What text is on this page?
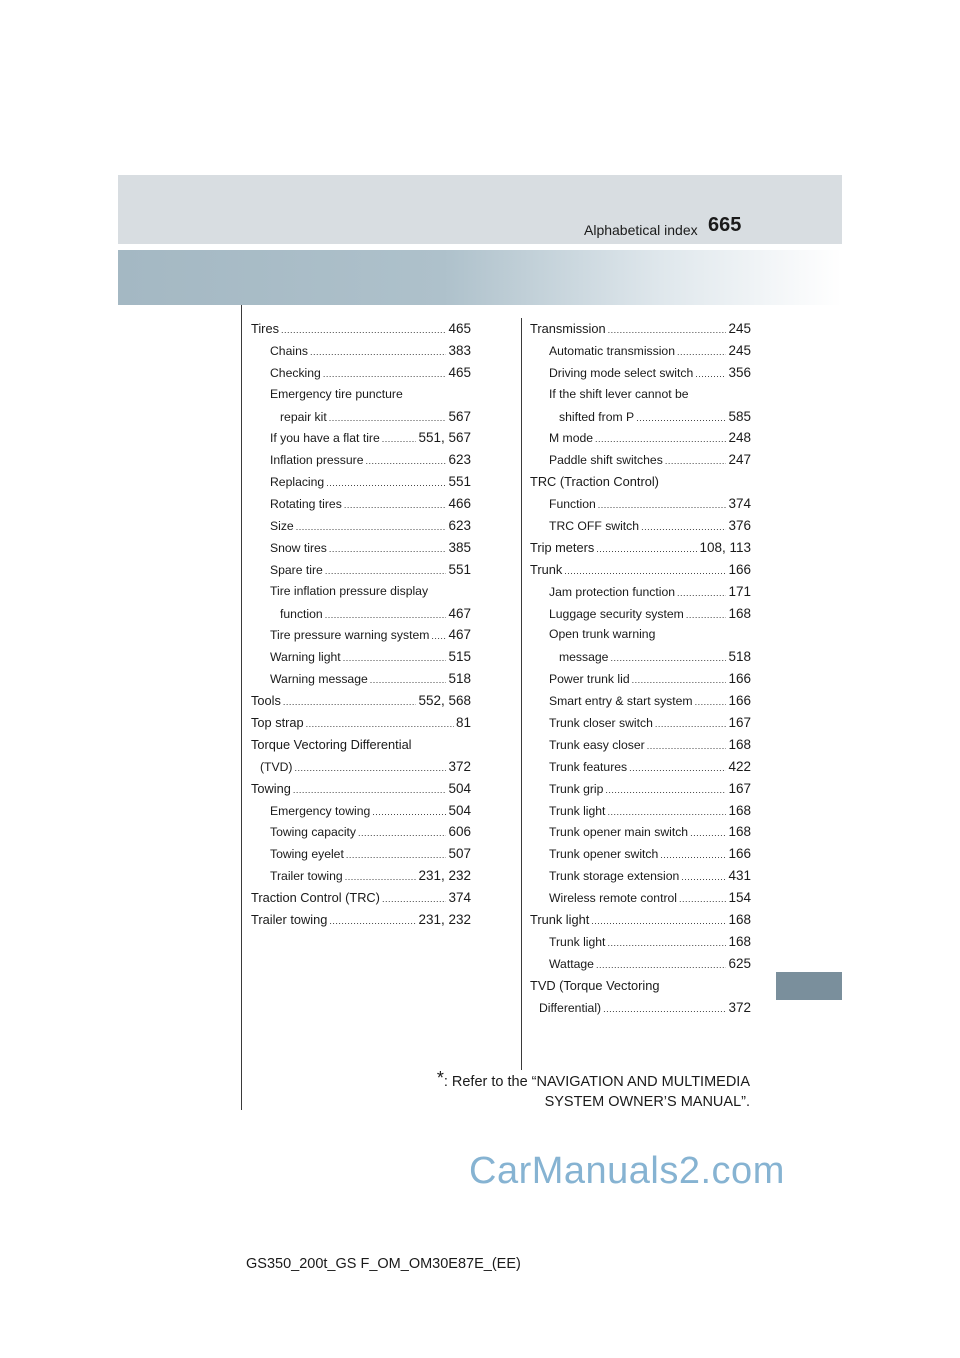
Alphabetical index 665
Tires .....	465
Chains .....	383
Checking .....	465
Emergency tire puncture
repair kit .....	567
If you have a flat tire .....	551, 567
Inflation pressure .....	623
Replacing .....	551
Rotating tires .....	466
Size .....	623
Snow tires .....	385
Spare tire .....	551
Tire inflation pressure display
function .....	467
Tire pressure warning system ..... 467
Warning light .....	515
Warning message .....	518
Tools .....	552, 568
Top strap .....	81
Torque Vectoring Differential
(TVD) .....	372
Towing .....	504
Emergency towing .....	504
Towing capacity .....	606
Towing eyelet .....	507
Trailer towing .....	231, 232
Traction Control (TRC) .....	374
Trailer towing .....	231, 232
Transmission .....	245
Automatic transmission .....	245
Driving mode select switch .....	356
If the shift lever cannot be
shifted from P .....	585
M mode .....	248
Paddle shift switches .....	247
TRC (Traction Control)
Function .....	374
TRC OFF switch .....	376
Trip meters .....	108, 113
Trunk .....	166
Jam protection function .....	171
Luggage security system .....	168
Open trunk warning
message .....	518
Power trunk lid .....	166
Smart entry & start system .....	166
Trunk closer switch .....	167
Trunk easy closer .....	168
Trunk features .....	422
Trunk grip .....	167
Trunk light .....	168
Trunk opener main switch .....	168
Trunk opener switch .....	166
Trunk storage extension .....	431
Wireless remote control .....	154
Trunk light .....	168
Trunk light .....	168
Wattage .....	625
TVD (Torque Vectoring
Differential) .....	372
*: Refer to the “NAVIGATION AND MULTIMEDIA
SYSTEM OWNER’S MANUAL”.
CarManuals2.com
GS350_200t_GS F_OM_OM30E87E_(EE)
